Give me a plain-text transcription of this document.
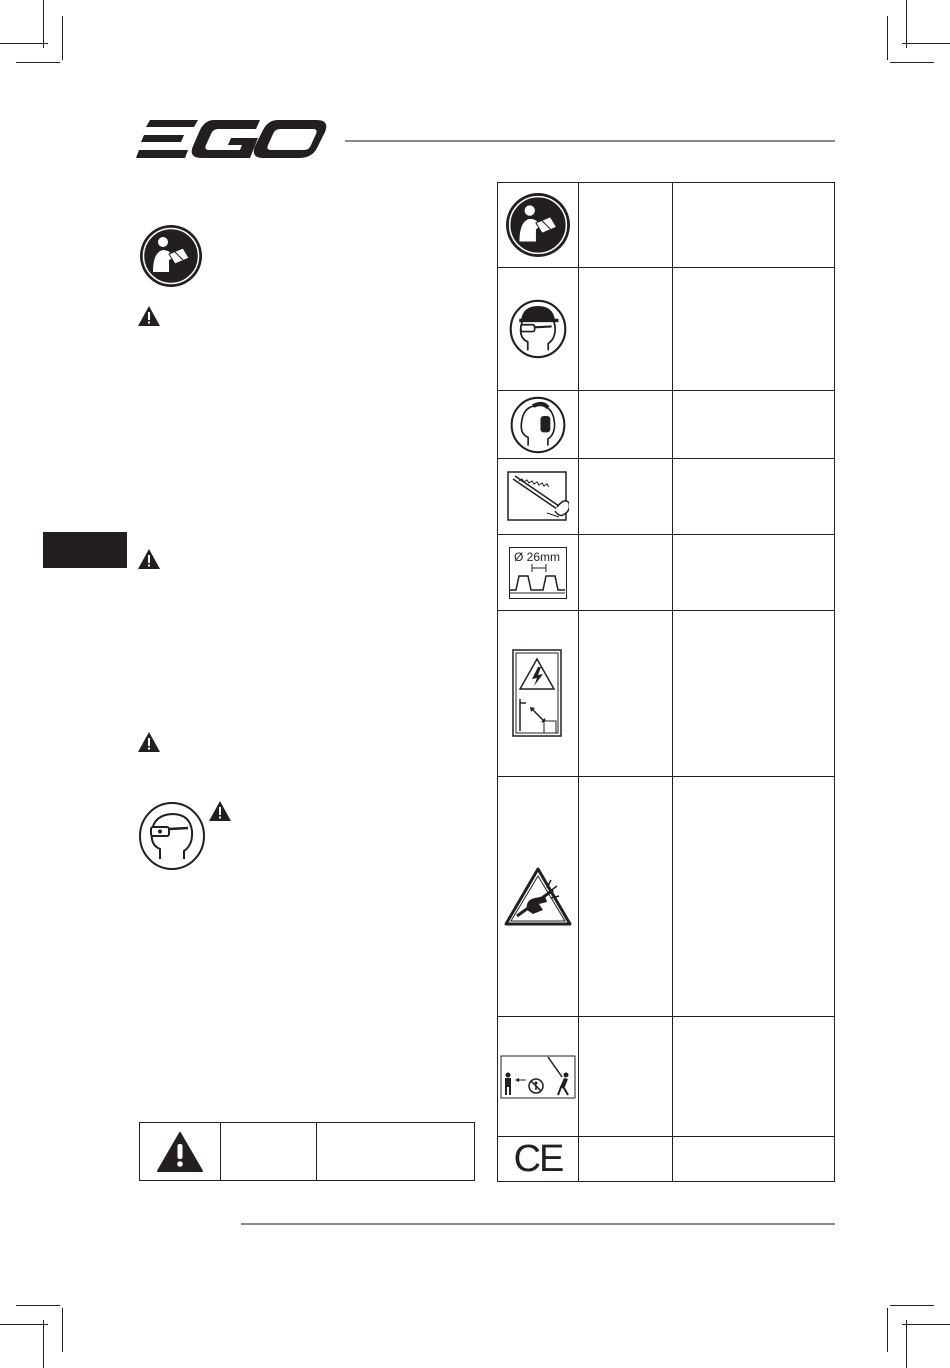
Ø 26mm		

CE		
